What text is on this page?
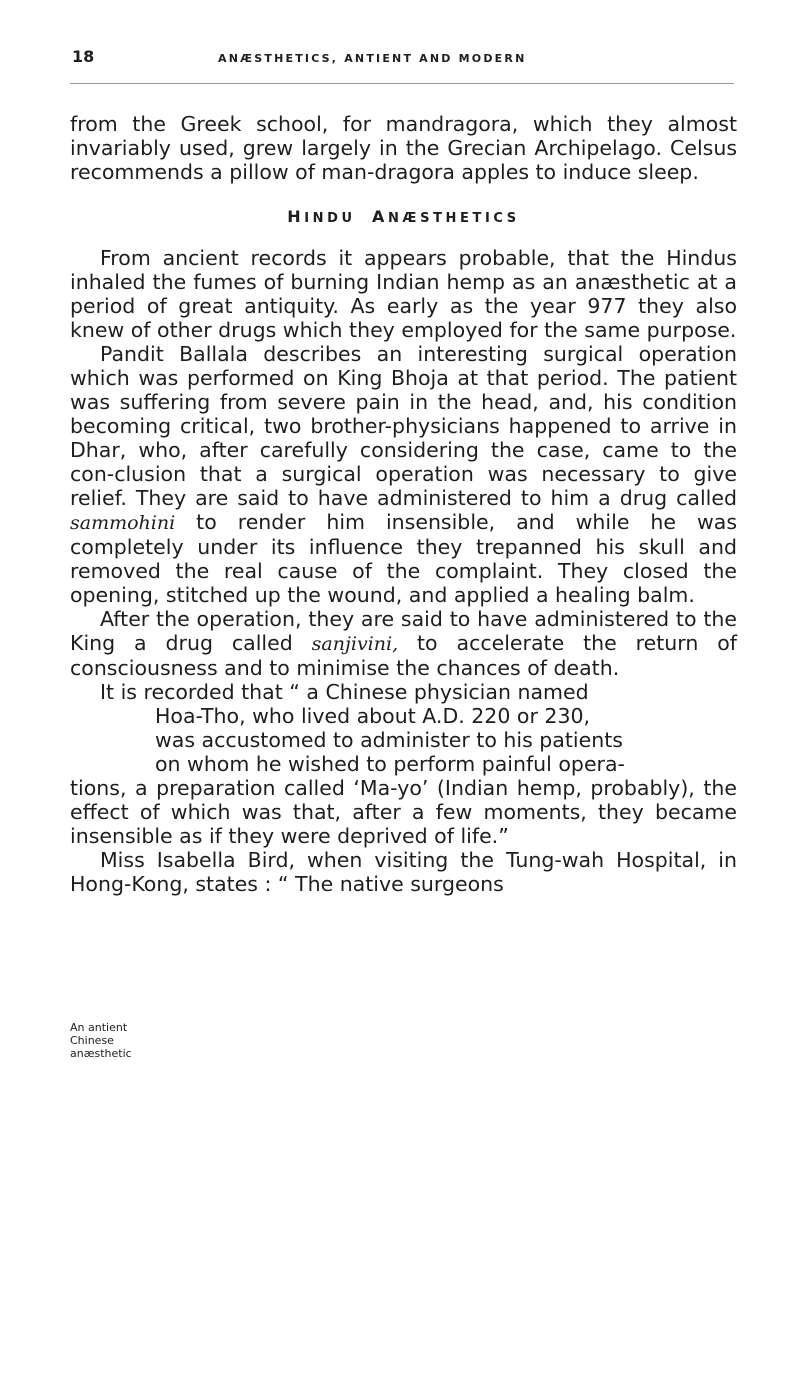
18	ANÆSTHETICS, ANTIENT AND MODERN

from the Greek school, for mandragora, which they almost invariably used, grew largely in the Grecian Archipelago. Celsus recommends a pillow of man-dragora apples to induce sleep.

HINDU ANÆSTHETICS

From ancient records it appears probable, that the Hindus inhaled the fumes of burning Indian hemp as an anæsthetic at a period of great antiquity. As early as the year 977 they also knew of other drugs which they employed for the same purpose.

Pandit Ballala describes an interesting surgical operation which was performed on King Bhoja at that period. The patient was suffering from severe pain in the head, and, his condition becoming critical, two brother-physicians happened to arrive in Dhar, who, after carefully considering the case, came to the con-clusion that a surgical operation was necessary to give relief. They are said to have administered to him a drug called sammohini to render him insensible, and while he was completely under its influence they trepanned his skull and removed the real cause of the complaint. They closed the opening, stitched up the wound, and applied a healing balm.

After the operation, they are said to have administered to the King a drug called sanjivini, to accelerate the return of consciousness and to minimise the chances of death.

It is recorded that “ a Chinese physician named

Hoa-Tho, who lived about A.D. 220 or 230,
was accustomed to administer to his patients
on whom he wished to perform painful opera-

tions, a preparation called ‘Ma-yo’ (Indian hemp, probably), the effect of which was that, after a few moments, they became insensible as if they were deprived of life.”

Miss Isabella Bird, when visiting the Tung-wah Hospital, in Hong-Kong, states : “ The native surgeons

An antient
Chinese
anæsthetic
